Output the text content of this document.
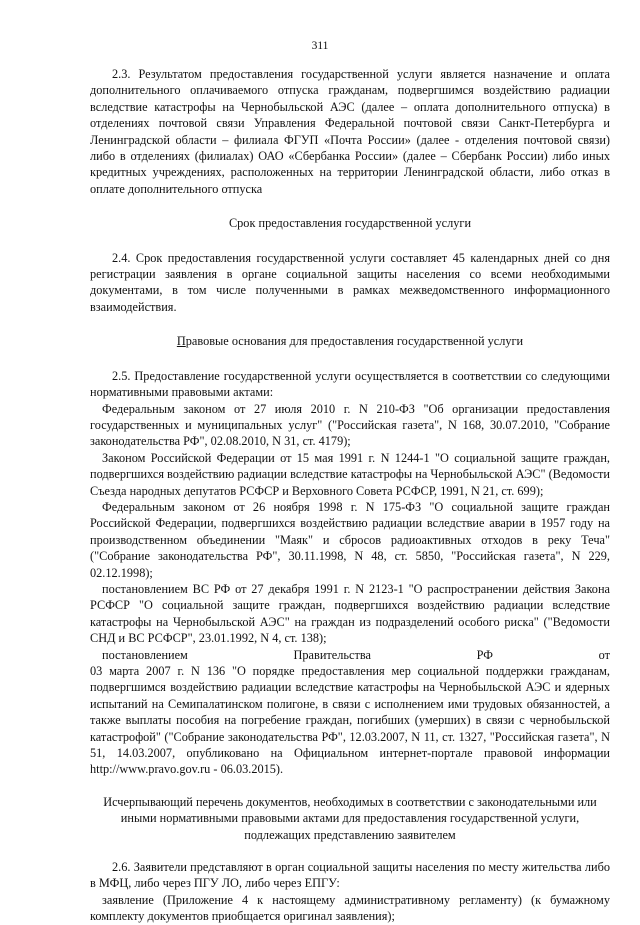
311

2.3. Результатом предоставления государственной услуги является назначение и оплата дополнительного оплачиваемого отпуска гражданам, подвергшимся воздействию радиации вследствие катастрофы на Чернобыльской АЭС (далее – оплата дополнительного отпуска) в отделениях почтовой связи Управления Федеральной почтовой связи Санкт-Петербурга и Ленинградской области – филиала ФГУП «Почта России» (далее - отделения почтовой связи) либо в отделениях (филиалах) ОАО «Сбербанка России» (далее – Сбербанк России) либо иных кредитных учреждениях, расположенных на территории Ленинградской области, либо отказ в оплате дополнительного отпуска

Срок предоставления государственной услуги

2.4. Срок предоставления государственной услуги составляет 45 календарных дней со дня регистрации заявления в органе социальной защиты населения со всеми необходимыми документами, в том числе полученными в рамках межведомственного информационного взаимодействия.

Правовые основания для предоставления государственной услуги

2.5. Предоставление государственной услуги осуществляется в соответствии со следующими нормативными правовыми актами:

Федеральным законом от 27 июля 2010 г. N 210-ФЗ "Об организации предоставления государственных и муниципальных услуг" ("Российская газета", N 168, 30.07.2010, "Собрание законодательства РФ", 02.08.2010, N 31, ст. 4179);

Законом Российской Федерации от 15 мая 1991 г. N 1244-1 "О социальной защите граждан, подвергшихся воздействию радиации вследствие катастрофы на Чернобыльской АЭС" (Ведомости Съезда народных депутатов РСФСР и Верховного Совета РСФСР, 1991, N 21, ст. 699);

Федеральным законом от 26 ноября 1998 г. N 175-ФЗ "О социальной защите граждан Российской Федерации, подвергшихся воздействию радиации вследствие аварии в 1957 году на производственном объединении "Маяк" и сбросов радиоактивных отходов в реку Теча" ("Собрание законодательства РФ", 30.11.1998, N 48, ст. 5850, "Российская газета", N 229, 02.12.1998);

постановлением ВС РФ от 27 декабря 1991 г. N 2123-1 "О распространении действия Закона РСФСР "О социальной защите граждан, подвергшихся воздействию радиации вследствие катастрофы на Чернобыльской АЭС" на граждан из подразделений особого риска" ("Ведомости СНД и ВС РСФСР", 23.01.1992, N 4, ст. 138);

постановлением	Правительства	РФ	от

03 марта 2007 г. N 136 "О порядке предоставления мер социальной поддержки гражданам, подвергшимся воздействию радиации вследствие катастрофы на Чернобыльской АЭС и ядерных испытаний на Семипалатинском полигоне, в связи с исполнением ими трудовых обязанностей, а также выплаты пособия на погребение граждан, погибших (умерших) в связи с чернобыльской катастрофой" ("Собрание законодательства РФ", 12.03.2007, N 11, ст. 1327, "Российская газета", N 51, 14.03.2007, опубликовано на Официальном интернет-портале правовой информации http://www.pravo.gov.ru - 06.03.2015).

Исчерпывающий перечень документов, необходимых в соответствии с законодательными или иными нормативными правовыми актами для предоставления государственной услуги, подлежащих представлению заявителем

2.6. Заявители представляют в орган социальной защиты населения по месту жительства либо в МФЦ, либо через ПГУ ЛО, либо через ЕПГУ:

заявление (Приложение 4 к настоящему административному регламенту) (к бумажному комплекту документов приобщается оригинал заявления);
